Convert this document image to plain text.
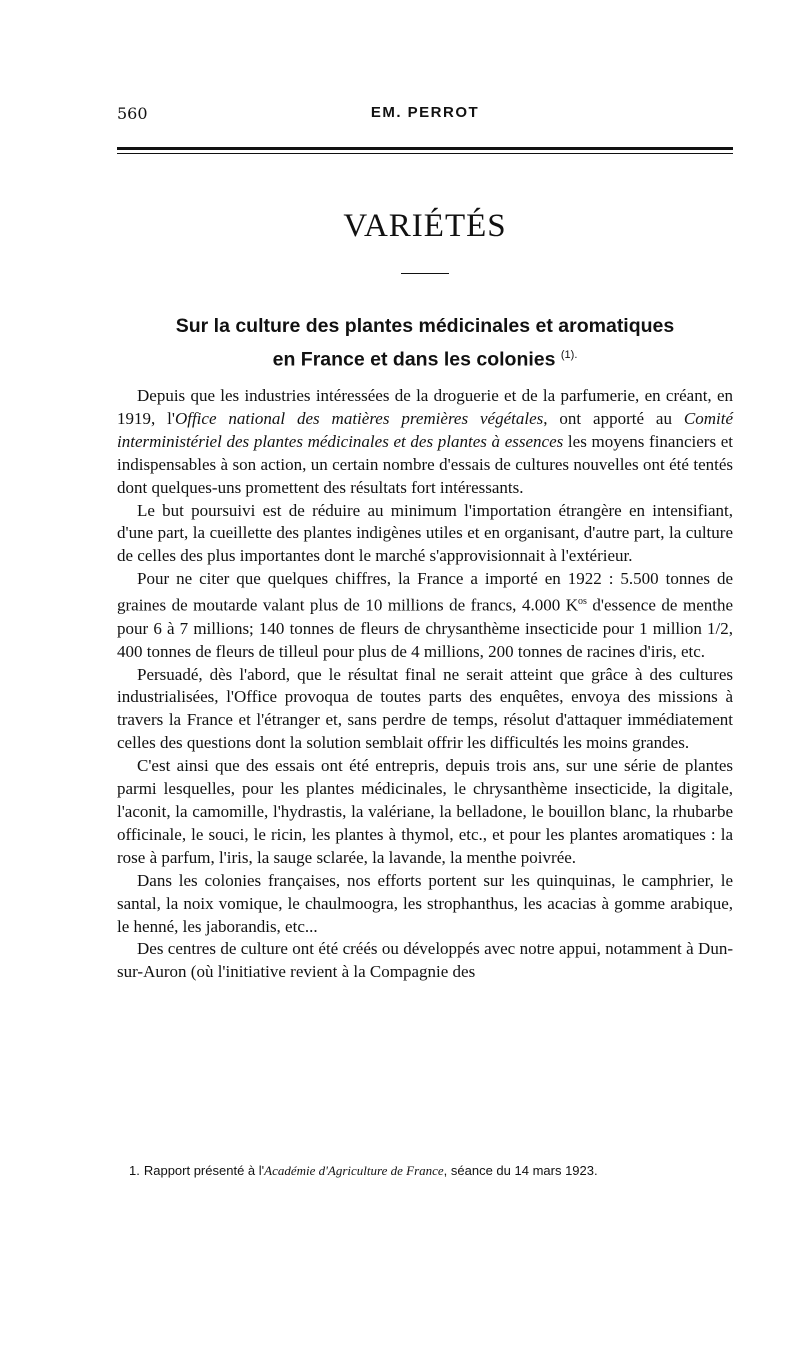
560	EM. PERROT
VARIÉTÉS
Sur la culture des plantes médicinales et aromatiques
en France et dans les colonies $^{(1).}$

Depuis que les industries intéressées de la droguerie et de la parfumerie, en créant, en 1919, l'Office national des matières premières végétales, ont apporté au Comité interministériel des plantes médicinales et des plantes à essences les moyens financiers et indispensables à son action, un certain nombre d'essais de cultures nouvelles ont été tentés dont quelques-uns promettent des résultats fort intéressants.

Le but poursuivi est de réduire au minimum l'importation étrangère en intensifiant, d'une part, la cueillette des plantes indigènes utiles et en organisant, d'autre part, la culture de celles des plus importantes dont le marché s'approvisionnait à l'extérieur.

Pour ne citer que quelques chiffres, la France a importé en 1922 : 5.500 tonnes de graines de moutarde valant plus de 10 millions de francs, 4.000 $K^{os}$ d'essence de menthe pour 6 à 7 millions; 140 tonnes de fleurs de chrysanthème insecticide pour 1 million 1/2, 400 tonnes de fleurs de tilleul pour plus de 4 millions, 200 tonnes de racines d'iris, etc.

Persuadé, dès l'abord, que le résultat final ne serait atteint que grâce à des cultures industrialisées, l'Office provoqua de toutes parts des enquêtes, envoya des missions à travers la France et l'étranger et, sans perdre de temps, résolut d'attaquer immédiatement celles des questions dont la solution semblait offrir les difficultés les moins grandes.

C'est ainsi que des essais ont été entrepris, depuis trois ans, sur une série de plantes parmi lesquelles, pour les plantes médicinales, le chrysanthème insecticide, la digitale, l'aconit, la camomille, l'hydrastis, la valériane, la belladone, le bouillon blanc, la rhubarbe officinale, le souci, le ricin, les plantes à thymol, etc., et pour les plantes aromatiques : la rose à parfum, l'iris, la sauge sclarée, la lavande, la menthe poivrée.

Dans les colonies françaises, nos efforts portent sur les quinquinas, le camphrier, le santal, la noix vomique, le chaulmoogra, les strophanthus, les acacias à gomme arabique, le henné, les jaborandis, etc...

Des centres de culture ont été créés ou développés avec notre appui, notamment à Dun-sur-Auron (où l'initiative revient à la Compagnie des

1. Rapport présenté à l'Académie d'Agriculture de France, séance du 14 mars 1923.
